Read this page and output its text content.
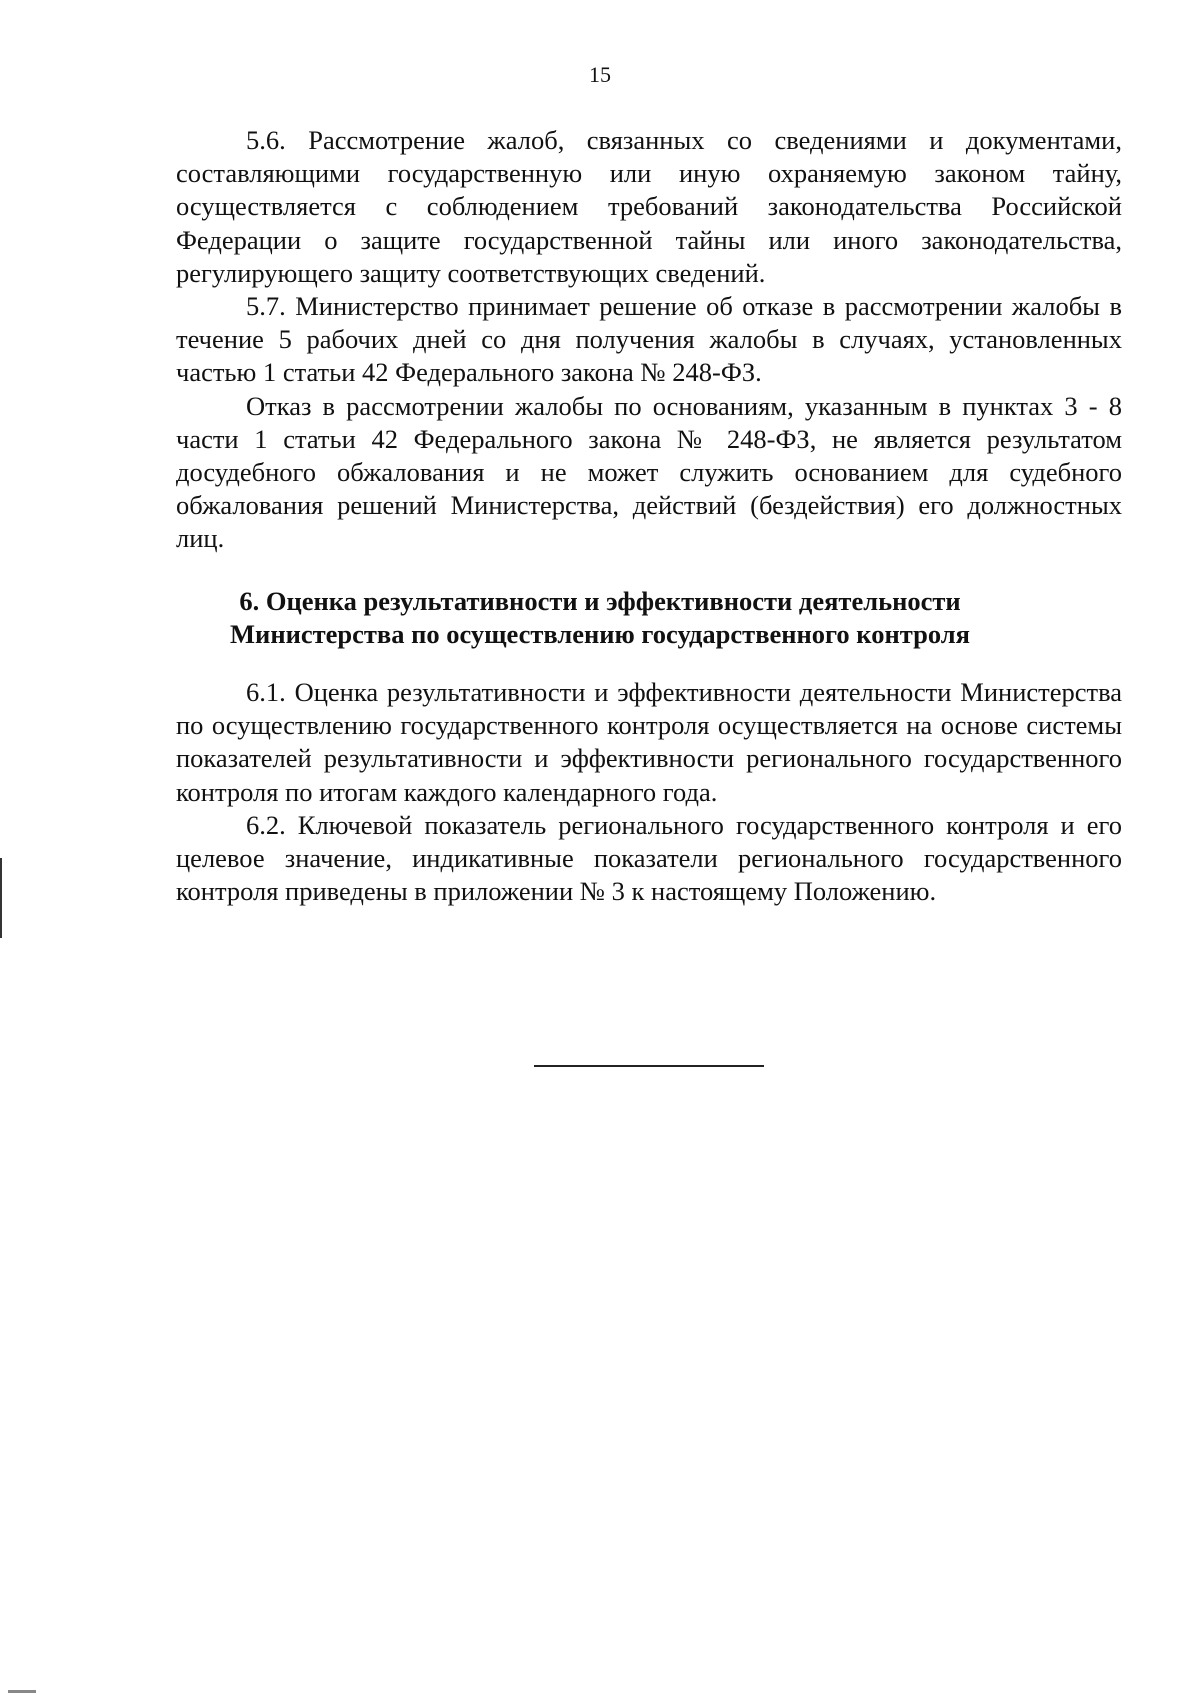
15

5.6. Рассмотрение жалоб, связанных со сведениями и документами, составляющими государственную или иную охраняемую законом тайну, осуществляется с соблюдением требований законодательства Российской Федерации о защите государственной тайны или иного законодательства, регулирующего защиту соответствующих сведений.

5.7. Министерство принимает решение об отказе в рассмотрении жалобы в течение 5 рабочих дней со дня получения жалобы в случаях, установленных частью 1 статьи 42 Федерального закона № 248-ФЗ.

Отказ в рассмотрении жалобы по основаниям, указанным в пунктах 3 - 8 части 1 статьи 42 Федерального закона № 248-ФЗ, не является результатом досудебного обжалования и не может служить основанием для судебного обжалования решений Министерства, действий (бездействия) его должностных лиц.

6. Оценка результативности и эффективности деятельности
Министерства по осуществлению государственного контроля

6.1. Оценка результативности и эффективности деятельности Министерства по осуществлению государственного контроля осуществляется на основе системы показателей результативности и эффективности регионального государственного контроля по итогам каждого календарного года.

6.2. Ключевой показатель регионального государственного контроля и его целевое значение, индикативные показатели регионального государственного контроля приведены в приложении № 3 к настоящему Положению.
